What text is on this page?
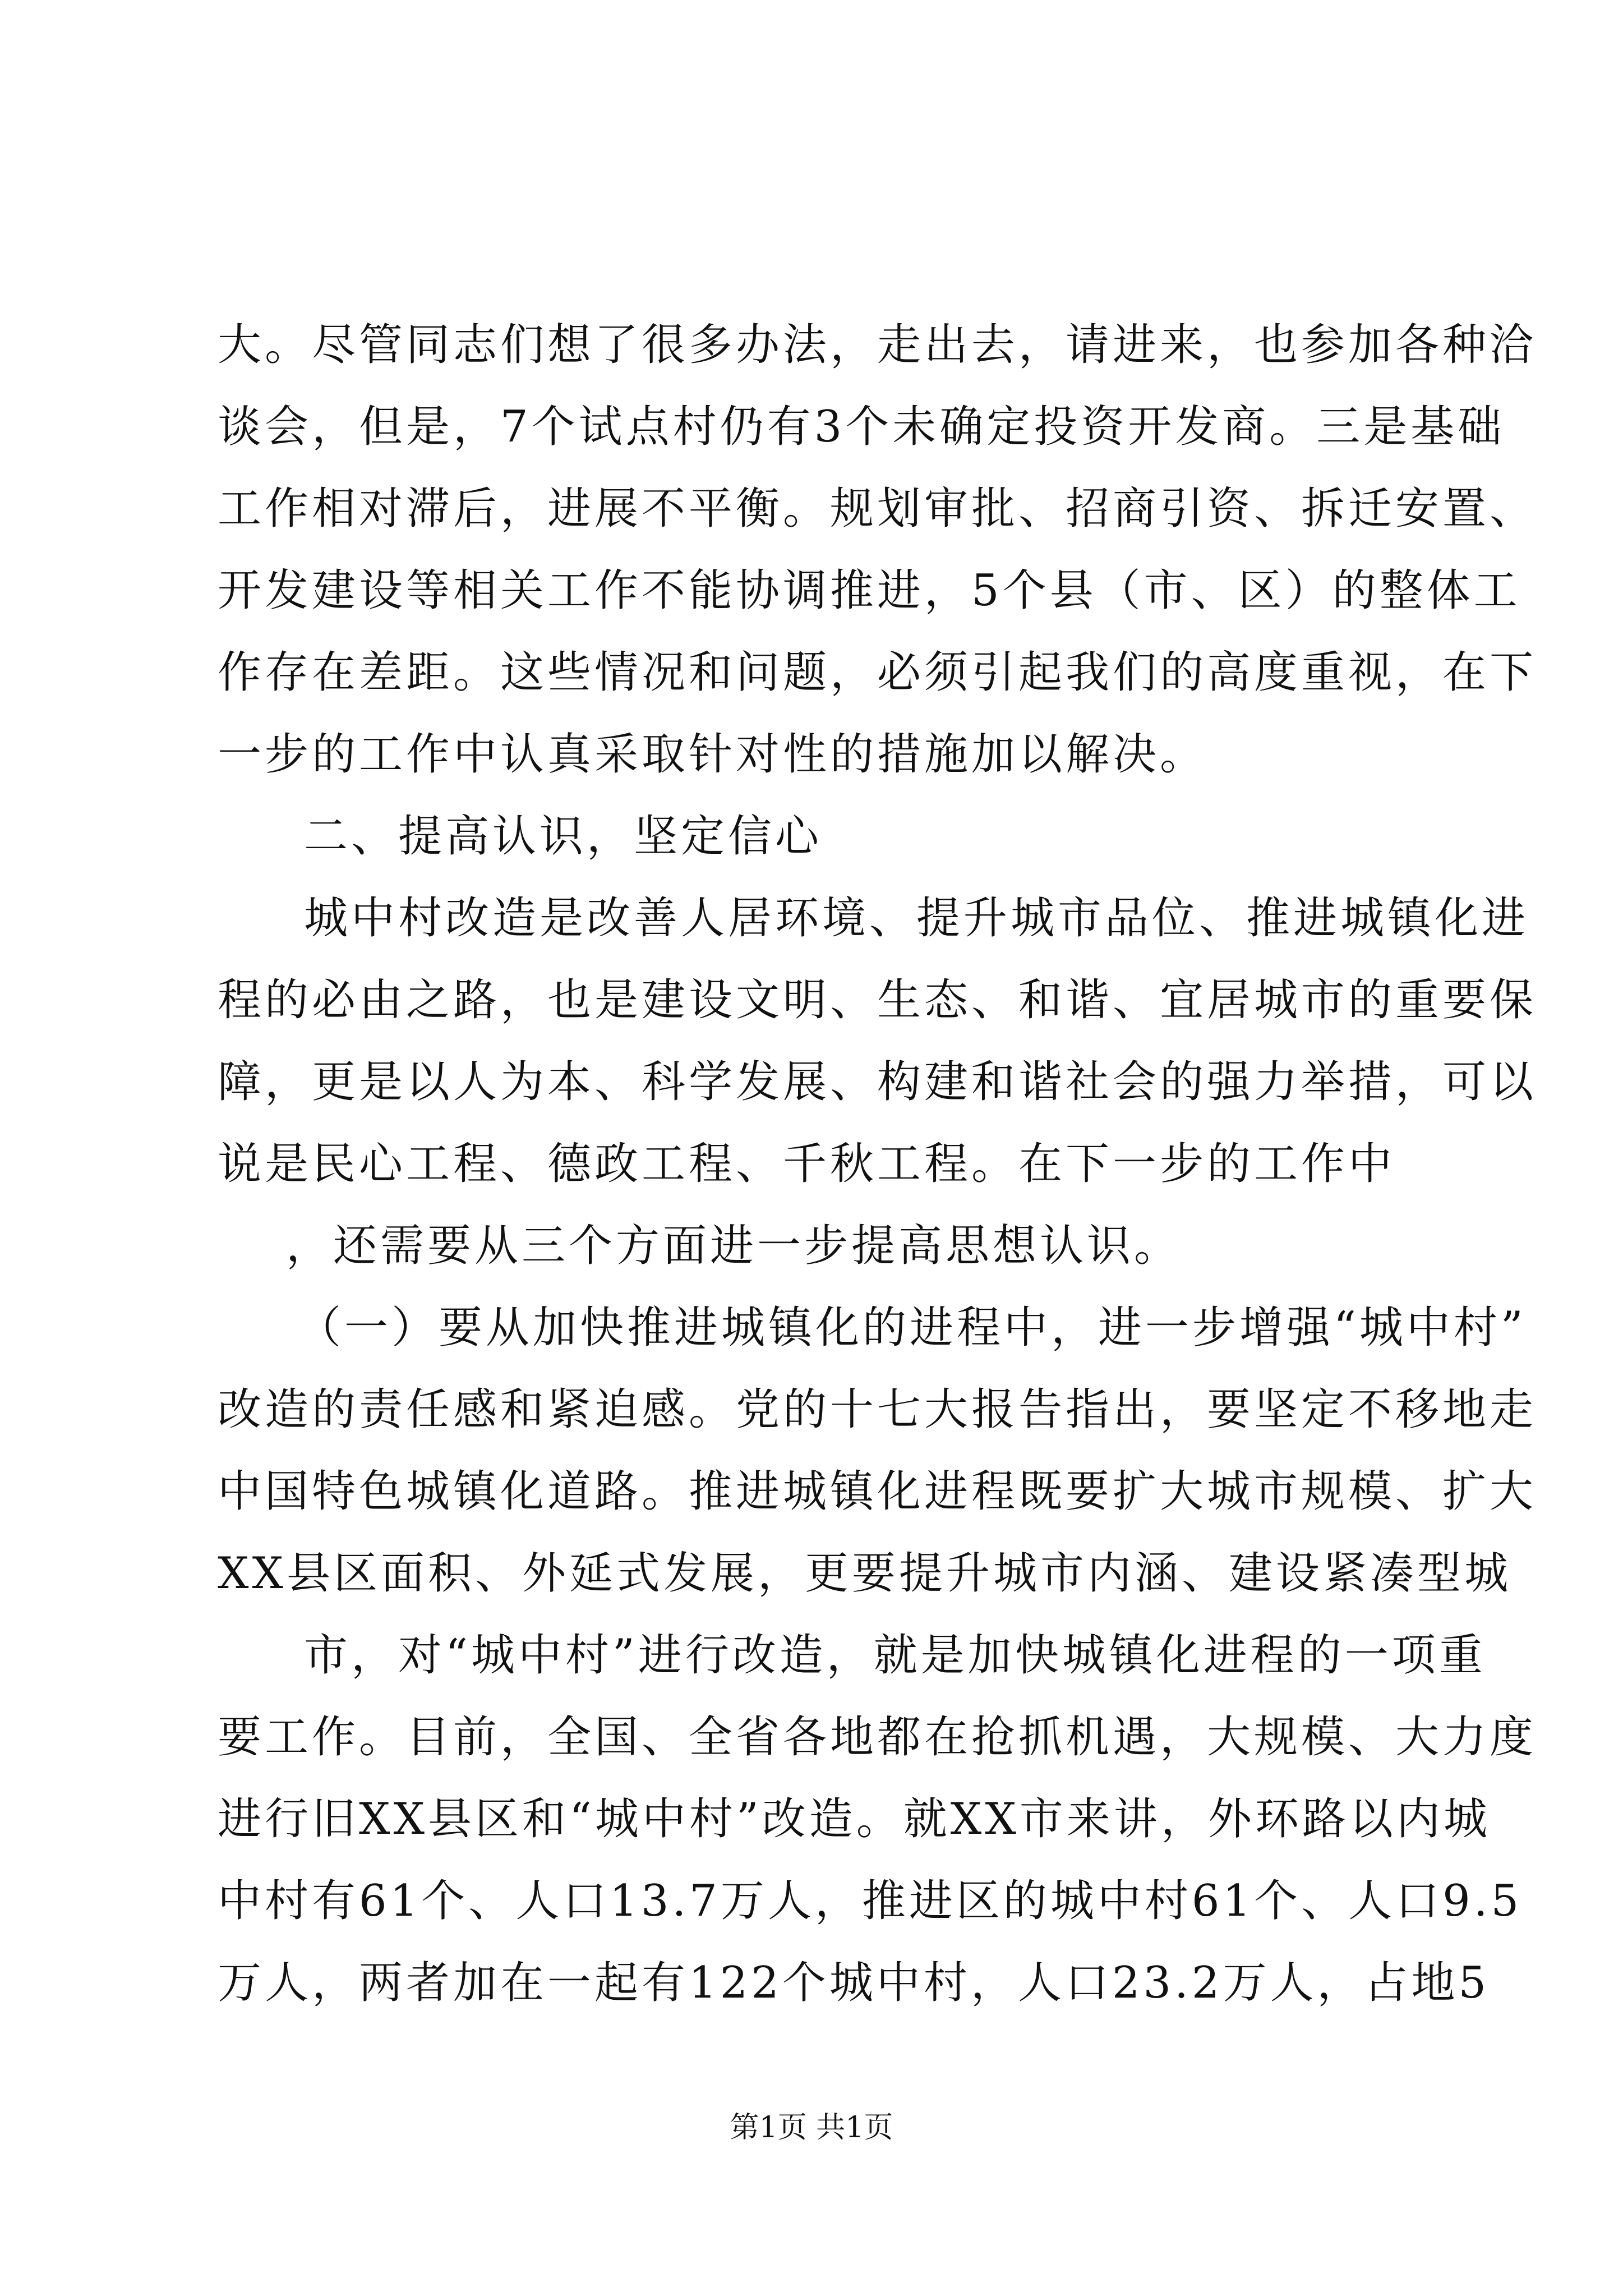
大。尽管同志们想了很多办法，走出去，请进来，也参加各种洽
谈会，但是，7个试点村仍有3个未确定投资开发商。三是基础
工作相对滞后，进展不平衡。规划审批、招商引资、拆迁安置、
开发建设等相关工作不能协调推进，5个县（市、区）的整体工
作存在差距。这些情况和问题，必须引起我们的高度重视，在下
一步的工作中认真采取针对性的措施加以解决。
二、提高认识，坚定信心
城中村改造是改善人居环境、提升城市品位、推进城镇化进
程的必由之路，也是建设文明、生态、和谐、宜居城市的重要保
障，更是以人为本、科学发展、构建和谐社会的强力举措，可以
说是民心工程、德政工程、千秋工程。在下一步的工作中
，还需要从三个方面进一步提高思想认识。
（一）要从加快推进城镇化的进程中，进一步增强“城中村”
改造的责任感和紧迫感。党的十七大报告指出，要坚定不移地走
中国特色城镇化道路。推进城镇化进程既要扩大城市规模、扩大
XX县区面积、外延式发展，更要提升城市内涵、建设紧凑型城
市，对“城中村”进行改造，就是加快城镇化进程的一项重
要工作。目前，全国、全省各地都在抢抓机遇，大规模、大力度
进行旧XX县区和“城中村”改造。就XX市来讲，外环路以内城
中村有61个、人口13.7万人，推进区的城中村61个、人口9.5
万人，两者加在一起有122个城中村，人口23.2万人，占地5
第1页 共1页
